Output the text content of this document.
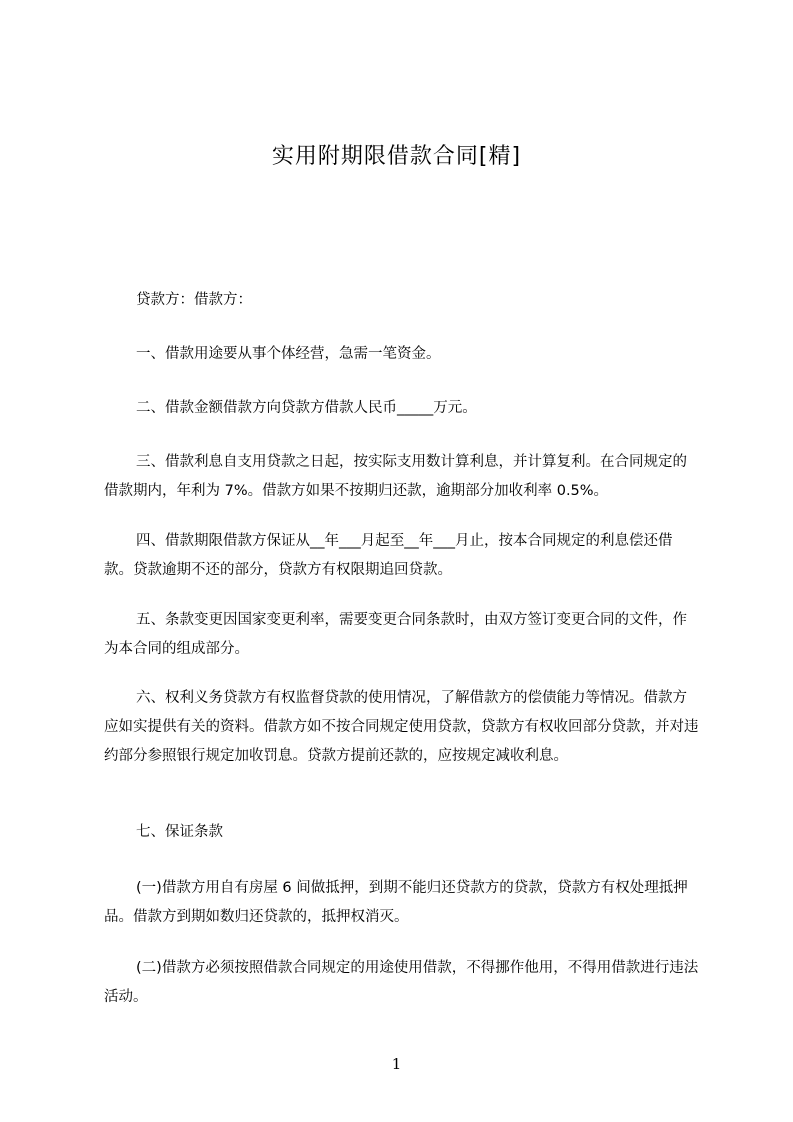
实用附期限借款合同[精]

贷款方：借款方：

一、借款用途要从事个体经营，急需一笔资金。

二、借款金额借款方向贷款方借款人民币_____万元。

三、借款利息自支用贷款之日起，按实际支用数计算利息，并计算复利。在合同规定的借款期内，年利为 7%。借款方如果不按期归还款，逾期部分加收利率 0.5%。

四、借款期限借款方保证从__年___月起至__年___月止，按本合同规定的利息偿还借款。贷款逾期不还的部分，贷款方有权限期追回贷款。

五、条款变更因国家变更利率，需要变更合同条款时，由双方签订变更合同的文件，作为本合同的组成部分。

六、权利义务贷款方有权监督贷款的使用情况，了解借款方的偿债能力等情况。借款方应如实提供有关的资料。借款方如不按合同规定使用贷款，贷款方有权收回部分贷款，并对违约部分参照银行规定加收罚息。贷款方提前还款的，应按规定减收利息。

七、保证条款

(一)借款方用自有房屋 6 间做抵押，到期不能归还贷款方的贷款，贷款方有权处理抵押品。借款方到期如数归还贷款的，抵押权消灭。

(二)借款方必须按照借款合同规定的用途使用借款，不得挪作他用，不得用借款进行违法活动。

1
